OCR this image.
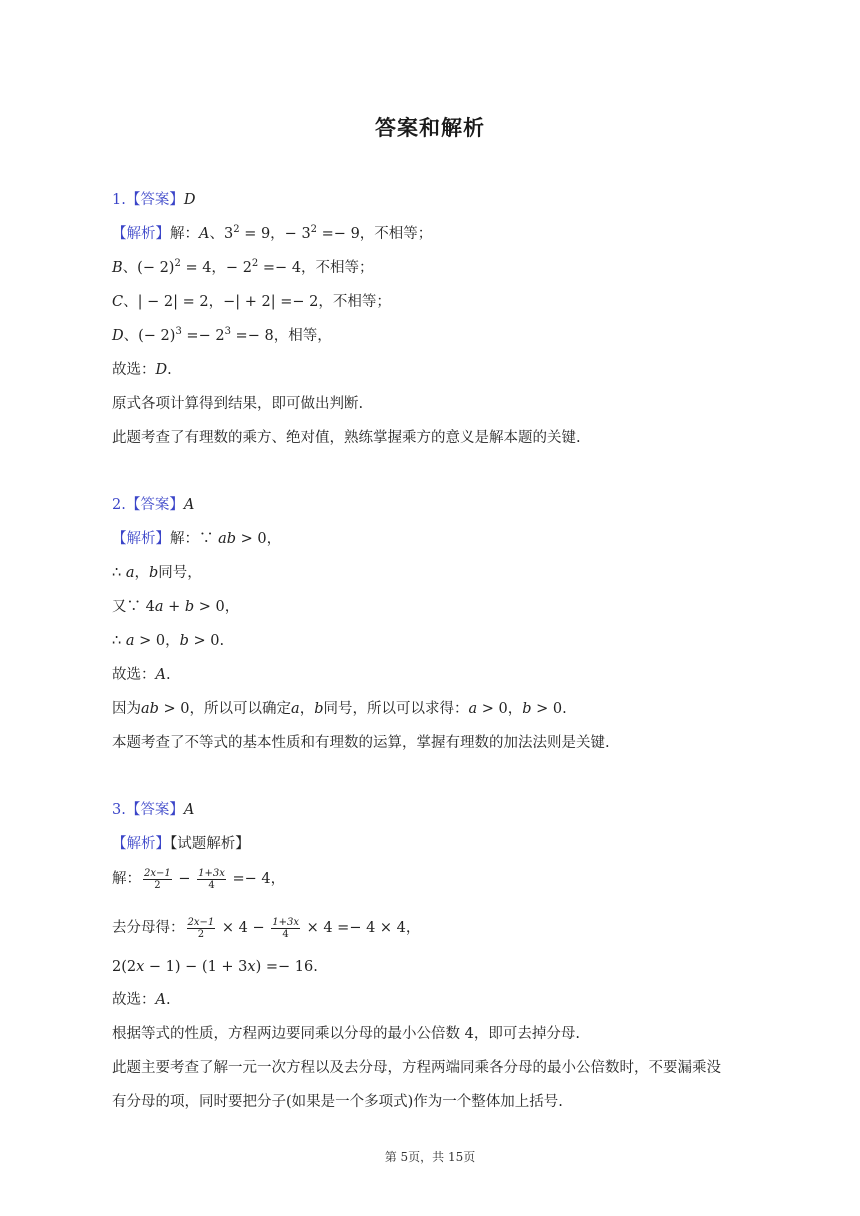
答案和解析
1.【答案】D
【解析】解：A、$3^2 = 9$，− $3^2 =- 9$，不相等；
B、(− 2)$^2$ = 4，− $2^2 =- 4$，不相等；
C、| − 2| = 2，−| + 2| =− 2，不相等；
D、(− $2)^3 =- 2^3 =- 8$，相等，
故选：D.
原式各项计算得到结果，即可做出判断.
此题考查了有理数的乘方、绝对值，熟练掌握乘方的意义是解本题的关键.
2.【答案】A
【解析】解：∵ ab > 0，
∴ a，b同号，
又∵ 4a + b > 0，
∴ a > 0，b > 0.
故选：A.
因为ab > 0，所以可以确定a，b同号，所以可以求得：a > 0，b > 0.
本题考查了不等式的基本性质和有理数的运算，掌握有理数的加法法则是关键.
3.【答案】A
【解析】【试题解析】
解： $\frac{2x-1}{2} - \frac{1+3x}{4} =- 4$，
去分母得： $\frac{2x-1}{2} \times 4 - \frac{1+3x}{4} \times 4 =- 4 \times 4$，
2(2x − 1) − (1 + 3x) =− 16.
故选：A.
根据等式的性质，方程两边要同乘以分母的最小公倍数 4，即可去掉分母.
此题主要考查了解一元一次方程以及去分母，方程两端同乘各分母的最小公倍数时，不要漏乘没
有分母的项，同时要把分子(如果是一个多项式)作为一个整体加上括号.
第 5页，共 15页
